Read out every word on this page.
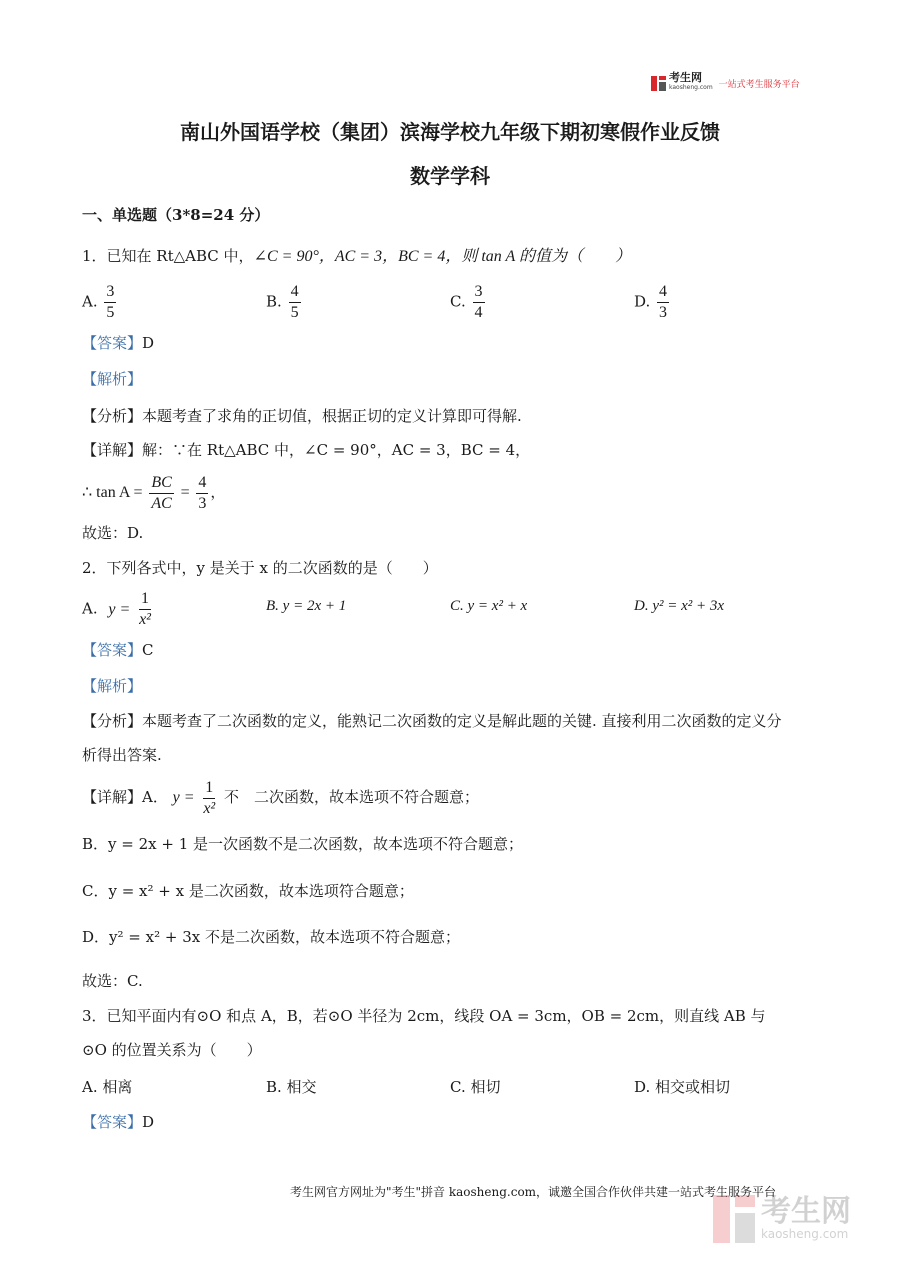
考生网
kaosheng.com 一站式考生服务平台
南山外国语学校（集团）滨海学校九年级下期初寒假作业反馈
数学学科
一、单选题（3*8=24 分）
1．已知在 Rt△ABC 中，∠C = 90°，AC = 3，BC = 4，则 tan A 的值为（　　）
A. $\frac{3}{5}$	B. $\frac{4}{5}$	C. $\frac{3}{4}$	D. $\frac{4}{3}$
【答案】D
【解析】
【分析】本题考查了求角的正切值，根据正切的定义计算即可得解.
【详解】解：∵在 Rt△ABC 中，∠C = 90°，AC = 3，BC = 4，
∴ $\tan A = \frac{BC}{AC} = \frac{4}{3}$ ，
故选：D.
2．下列各式中，y 是关于 x 的二次函数的是（　　）
A. $y = \frac{1}{\text{x²}}$	B. y = 2x + 1	C. y = x² + x	D. y² = x² + 3x
【答案】C
【解析】
【分析】本题考查了二次函数的定义，能熟记二次函数的定义是解此题的关键. 直接利用二次函数的定义分
析得出答案.
【详解】A． $y = \frac{1}{\text{x²}}$ 不　二次函数，故本选项不符合题意；
B．y = 2x + 1 是一次函数不是二次函数，故本选项不符合题意；
C．y = x² + x 是二次函数，故本选项符合题意；
D．y² = x² + 3x 不是二次函数，故本选项不符合题意；
故选：C.
3．已知平面内有⊙O 和点 A，B，若⊙O 半径为 2cm，线段 OA = 3cm，OB = 2cm，则直线 AB 与
⊙O 的位置关系为（　　）
A. 相离	B. 相交	C. 相切	D. 相交或相切
【答案】D
考生网官方网址为"考生"拼音 kaosheng.com，诚邀全国合作伙伴共建一站式考生服务平台
考生网
kaosheng.com
